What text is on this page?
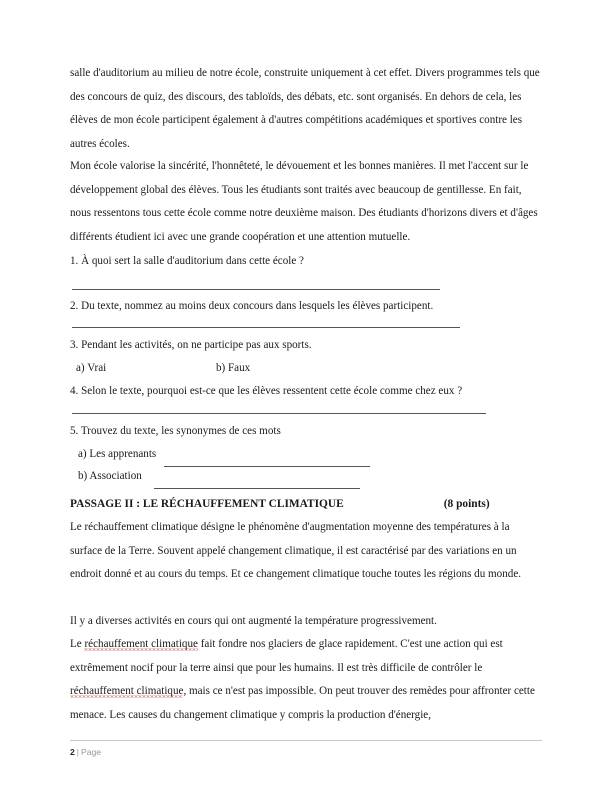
salle d'auditorium au milieu de notre école, construite uniquement à cet effet. Divers programmes tels que des concours de quiz, des discours, des tabloïds, des débats, etc. sont organisés. En dehors de cela, les élèves de mon école participent également à d'autres compétitions académiques et sportives contre les autres écoles.

Mon école valorise la sincérité, l'honnêteté, le dévouement et les bonnes manières. Il met l'accent sur le développement global des élèves. Tous les étudiants sont traités avec beaucoup de gentillesse. En fait, nous ressentons tous cette école comme notre deuxième maison. Des étudiants d'horizons divers et d'âges différents étudient ici avec une grande coopération et une attention mutuelle.

1. À quoi sert la salle d'auditorium dans cette école ?

2. Du texte, nommez au moins deux concours dans lesquels les élèves participent.

3. Pendant les activités, on ne participe pas aux sports.

a) Vrai	b) Faux

4. Selon le texte, pourquoi est-ce que les élèves ressentent cette école comme chez eux ?

5. Trouvez du texte, les synonymes de ces mots

a) Les apprenants
b) Association
PASSAGE II : LE RÉCHAUFFEMENT CLIMATIQUE	(8 points)

Le réchauffement climatique désigne le phénomène d'augmentation moyenne des températures à la surface de la Terre. Souvent appelé changement climatique, il est caractérisé par des variations en un endroit donné et au cours du temps. Et ce changement climatique touche toutes les régions du monde.

Il y a diverses activités en cours qui ont augmenté la température progressivement.

Le réchauffement climatique fait fondre nos glaciers de glace rapidement. C'est une action qui est extrêmement nocif pour la terre ainsi que pour les humains. Il est très difficile de contrôler le réchauffement climatique, mais ce n'est pas impossible. On peut trouver des remèdes pour affronter cette menace. Les causes du changement climatique y compris la production d'énergie,

2 | Page
